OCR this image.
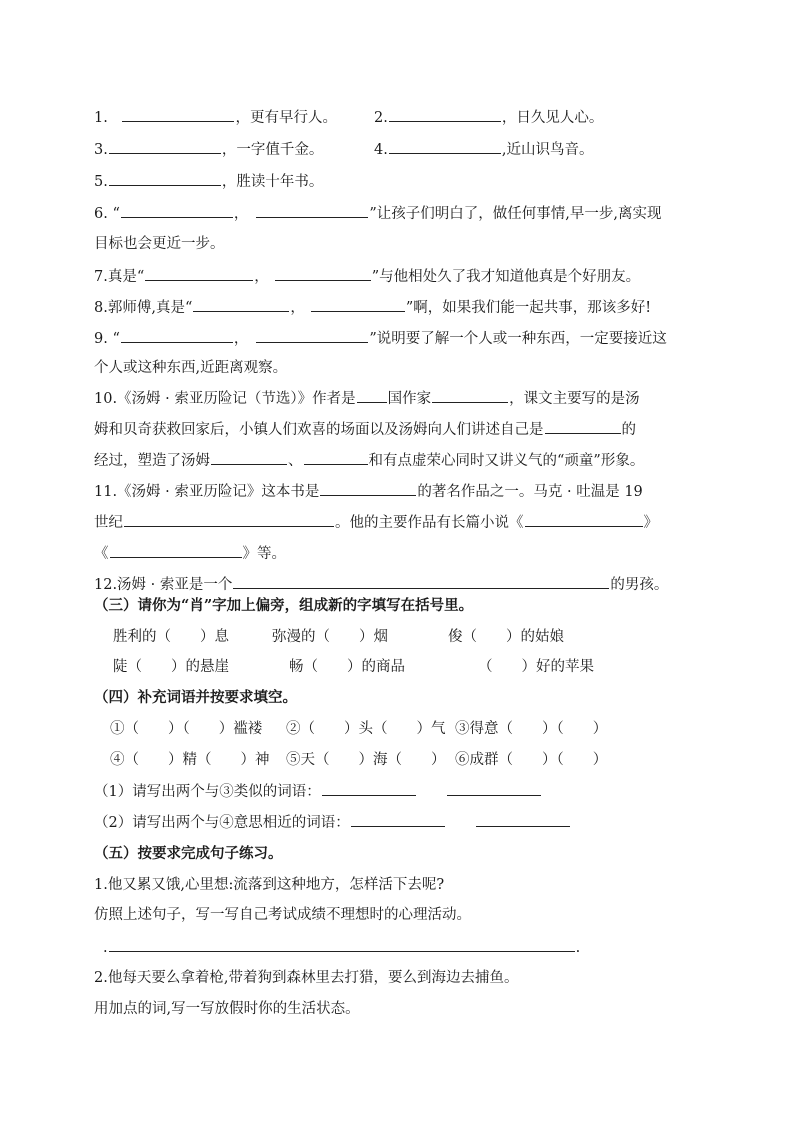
1.	，更有早行人。	2.	，日久见人心。
3.	，一字值千金。	4.	,近山识鸟音。
5.	，胜读十年书。
6. “	，	”让孩子们明白了，做任何事情,早一步,离实现
目标也会更近一步。
7.真是“	，	”与他相处久了我才知道他真是个好朋友。
8.郭师傅,真是“	，	”啊，如果我们能一起共事，那该多好!
9. “	，	”说明要了解一个人或一种东西，一定要接近这
个人或这种东西,近距离观察。
10.《汤姆 · 索亚历险记（节选）》作者是 国作家	，课文主要写的是汤
姆和贝奇获救回家后，小镇人们欢喜的场面以及汤姆向人们讲述自己是	的
经过，塑造了汤姆	、	和有点虚荣心同时又讲义气的“顽童”形象。
11.《汤姆 · 索亚历险记》这本书是	的著名作品之一。马克 · 吐温是 19
世纪	。他的主要作品有长篇小说《	》
《	》等。
12.汤姆 · 索亚是一个	的男孩。
（三）请你为“肖”字加上偏旁，组成新的字填写在括号里。
胜利的（　　）息	弥漫的（　　）烟	俊（　　）的姑娘
陡（　　）的悬崖	畅（　　）的商品	（　　）好的苹果
（四）补充词语并按要求填空。
①（　　）（　　）褴褛 ②（　　）头（　　）气 ③得意（　　）（　　）
④（　　）精（　　）神 ⑤天（　　）海（　　） ⑥成群（　　）（　　）
（1）请写出两个与③类似的词语：
（2）请写出两个与④意思相近的词语：
（五）按要求完成句子练习。
1.他又累又饿,心里想:流落到这种地方，怎样活下去呢?
仿照上述句子，写一写自己考试成绩不理想时的心理活动。
.	.
2.他每天要么拿着枪,带着狗到森林里去打猎，要么到海边去捕鱼。
用加点的词,写一写放假时你的生活状态。
